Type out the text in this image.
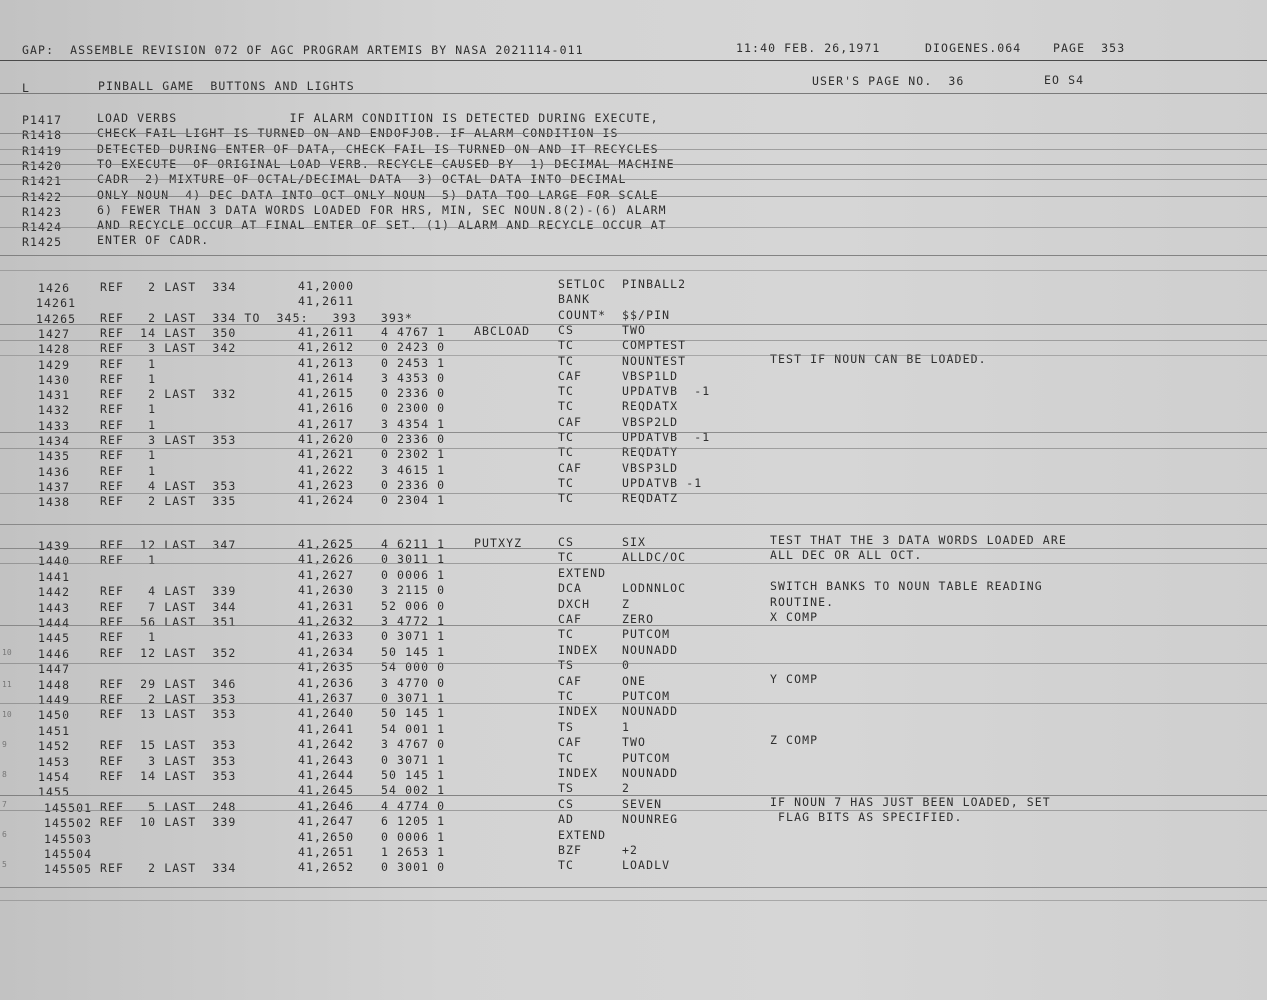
GAP:  ASSEMBLE REVISION 072 OF AGC PROGRAM ARTEMIS BY NASA 2021114-011	11:40 FEB. 26,1971	DIOGENES.064	PAGE  353
L	PINBALL GAME  BUTTONS AND LIGHTS	USER'S PAGE NO.  36	EO S4
P1417	LOAD VERBS              IF ALARM CONDITION IS DETECTED DURING EXECUTE,
R1418	CHECK FAIL LIGHT IS TURNED ON AND ENDOFJOB. IF ALARM CONDITION IS
R1419	DETECTED DURING ENTER OF DATA, CHECK FAIL IS TURNED ON AND IT RECYCLES
R1420	TO EXECUTE  OF ORIGINAL LOAD VERB. RECYCLE CAUSED BY  1) DECIMAL MACHINE
R1421	CADR  2) MIXTURE OF OCTAL/DECIMAL DATA  3) OCTAL DATA INTO DECIMAL
R1422	ONLY NOUN  4) DEC DATA INTO OCT ONLY NOUN  5) DATA TOO LARGE FOR SCALE
R1423	6) FEWER THAN 3 DATA WORDS LOADED FOR HRS, MIN, SEC NOUN.8(2)-(6) ALARM
R1424	AND RECYCLE OCCUR AT FINAL ENTER OF SET. (1) ALARM AND RECYCLE OCCUR AT
R1425	ENTER OF CADR.
1426	REF   2 LAST  334	41,2000	SETLOC PINBALL2
14261	41,2611	BANK
14265 REF   2 LAST  334 TO  345:   393   393*	COUNT* $$/PIN
1427	REF  14 LAST  350	41,2611 4 4767 1	ABCLOAD CS	TWO
1428	REF   3 LAST  342	41,2612 0 2423 0	TC	COMPTEST
1429	REF   1	41,2613 0 2453 1	TC	NOUNTEST	TEST IF NOUN CAN BE LOADED.
1430	REF   1	41,2614 3 4353 0	CAF	VBSP1LD
1431	REF   2 LAST  332	41,2615 0 2336 0	TC	UPDATVB  -1
1432	REF   1	41,2616 0 2300 0	TC	REQDATX
1433	REF   1	41,2617 3 4354 1	CAF	VBSP2LD
1434	REF   3 LAST  353	41,2620 0 2336 0	TC	UPDATVB  -1
1435	REF   1	41,2621 0 2302 1	TC	REQDATY
1436	REF   1	41,2622 3 4615 1	CAF	VBSP3LD
1437	REF   4 LAST  353	41,2623 0 2336 0	TC	UPDATVB -1
1438	REF   2 LAST  335	41,2624 0 2304 1	TC	REQDATZ
1439	REF  12 LAST  347	41,2625 4 6211 1	PUTXYZ	CS	SIX	TEST THAT THE 3 DATA WORDS LOADED ARE
1440	REF   1	41,2626 0 3011 1	TC	ALLDC/OC	ALL DEC OR ALL OCT.
1441	41,2627 0 0006 1	EXTEND
1442	REF   4 LAST  339	41,2630 3 2115 0	DCA	LODNNLOC	SWITCH BANKS TO NOUN TABLE READING
1443	REF   7 LAST  344	41,2631 52 006 0	DXCH	Z	ROUTINE.
1444	REF  56 LAST  351	41,2632 3 4772 1	CAF	ZERO	X COMP
1445	REF   1	41,2633 0 3071 1	TC	PUTCOM
1446	REF  12 LAST  352	41,2634 50 145 1	INDEX NOUNADD
1447	41,2635 54 000 0	TS	0
1448	REF  29 LAST  346	41,2636 3 4770 0	CAF	ONE	Y COMP
1449	REF   2 LAST  353	41,2637 0 3071 1	TC	PUTCOM
1450	REF  13 LAST  353	41,2640 50 145 1	INDEX NOUNADD
1451	41,2641 54 001 1	TS	1
1452	REF  15 LAST  353	41,2642 3 4767 0	CAF	TWO	Z COMP
1453	REF   3 LAST  353	41,2643 0 3071 1	TC	PUTCOM
1454	REF  14 LAST  353	41,2644 50 145 1	INDEX NOUNADD
1455	41,2645 54 002 1	TS	2
145501 REF   5 LAST  248	41,2646 4 4774 0	CS	SEVEN	IF NOUN 7 HAS JUST BEEN LOADED, SET
145502 REF  10 LAST  339	41,2647 6 1205 1	AD	NOUNREG	FLAG BITS AS SPECIFIED.
145503	41,2650 0 0006 1	EXTEND
145504	41,2651 1 2653 1	BZF	+2
145505 REF   2 LAST  334	41,2652 0 3001 0	TC	LOADLV
10
11
10
9
8
7
6
5
